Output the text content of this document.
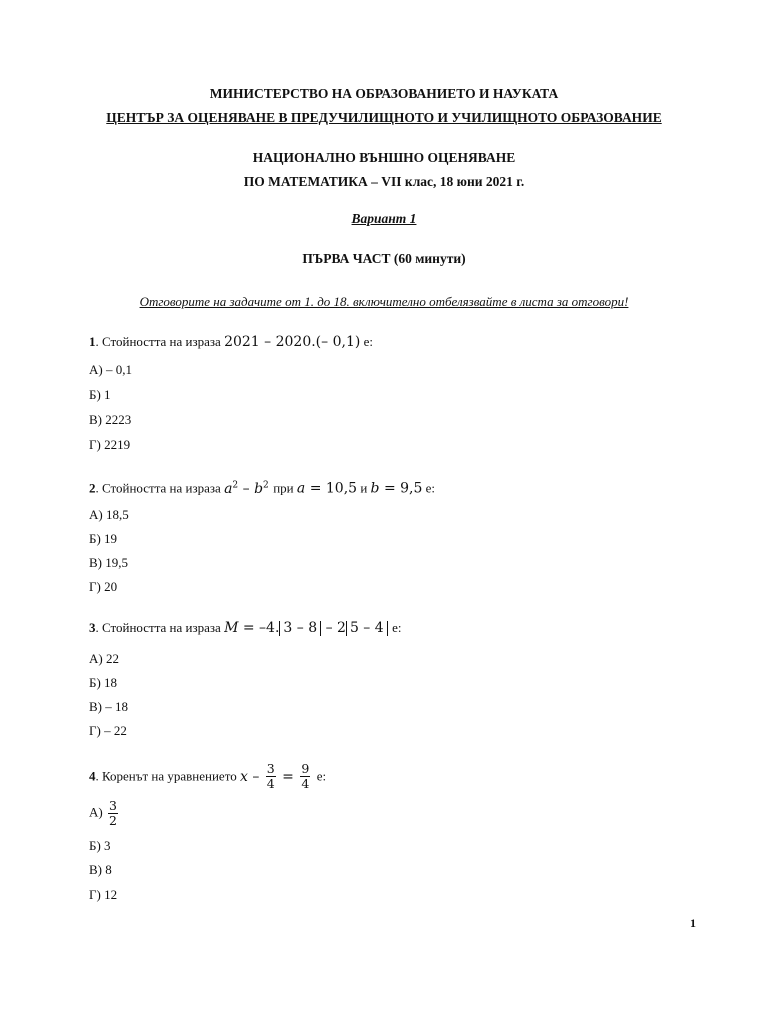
МИНИСТЕРСТВО НА ОБРАЗОВАНИЕТО И НАУКАТА
ЦЕНТЪР ЗА ОЦЕНЯВАНЕ В ПРЕДУЧИЛИЩНОТО И УЧИЛИЩНОТО ОБРАЗОВАНИЕ
НАЦИОНАЛНО ВЪНШНО ОЦЕНЯВАНЕ
ПО МАТЕМАТИКА – VII клас, 18 юни 2021 г.
Вариант 1
ПЪРВА ЧАСТ (60 минути)
Отговорите на задачите от 1. до 18. включително отбелязвайте в листа за отговори!
1. Стойността на израза 2021 – 2020.(– 0,1) е:
А) – 0,1
Б) 1
В) 2223
Г) 2219
2. Стойността на израза $a^2 - b^2$ при a = 10,5 и b = 9,5 е:
А) 18,5
Б) 19
В) 19,5
Г) 20
3. Стойността на израза M = –4. 3 – 8 – 2 5 – 4 е:
А) 22
Б) 18
В) – 18
Г) – 22
4. Коренът на уравнението $x - \frac{3}{4} = \frac{9}{4} е$:
$А) \frac{3}{2}$
Б) 3
В) 8
Г) 12
1
